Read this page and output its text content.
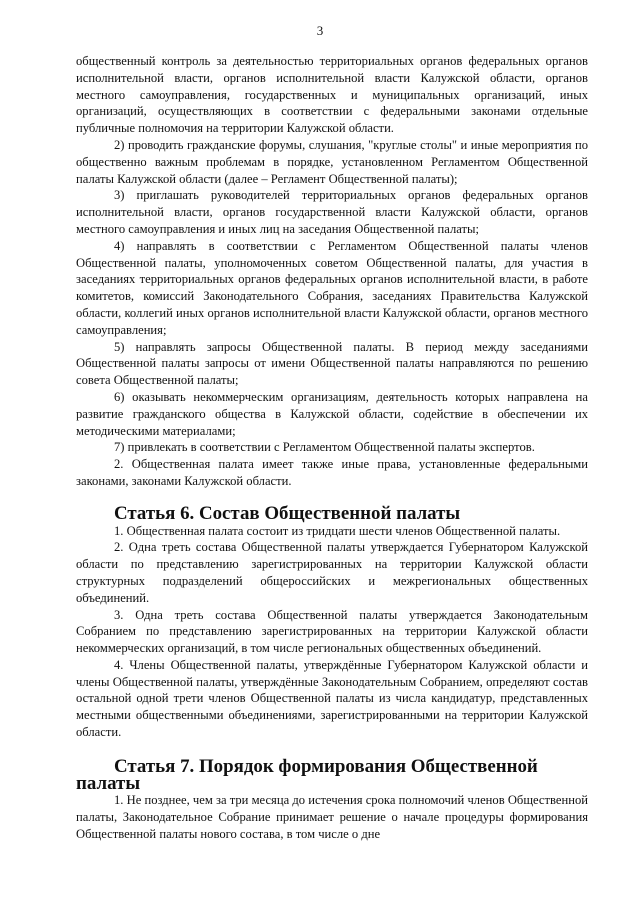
3

общественный контроль за деятельностью территориальных органов федеральных органов исполнительной власти, органов исполнительной власти Калужской области, органов местного самоуправления, государственных и муниципальных организаций, иных организаций, осуществляющих в соответствии с федеральными законами отдельные публичные полномочия на территории Калужской области.

2) проводить гражданские форумы, слушания, "круглые столы" и иные мероприятия по общественно важным проблемам в порядке, установленном Регламентом Общественной палаты Калужской области (далее – Регламент Общественной палаты);

3) приглашать руководителей территориальных органов федеральных органов исполнительной власти, органов государственной власти Калужской области, органов местного самоуправления и иных лиц на заседания Общественной палаты;

4) направлять в соответствии с Регламентом Общественной палаты членов Общественной палаты, уполномоченных советом Общественной палаты, для участия в заседаниях территориальных органов федеральных органов исполнительной власти, в работе комитетов, комиссий Законодательного Собрания, заседаниях Правительства Калужской области, коллегий иных органов исполнительной власти Калужской области, органов местного самоуправления;

5) направлять запросы Общественной палаты. В период между заседаниями Общественной палаты запросы от имени Общественной палаты направляются по решению совета Общественной палаты;

6) оказывать некоммерческим организациям, деятельность которых направлена на развитие гражданского общества в Калужской области, содействие в обеспечении их методическими материалами;

7) привлекать в соответствии с Регламентом Общественной палаты экспертов.

2. Общественная палата имеет также иные права, установленные федеральными законами, законами Калужской области.

Статья 6. Состав Общественной палаты

1. Общественная палата состоит из тридцати шести членов Общественной палаты.

2. Одна треть состава Общественной палаты утверждается Губернатором Калужской области по представлению зарегистрированных на территории Калужской области структурных подразделений общероссийских и межрегиональных общественных объединений.

3. Одна треть состава Общественной палаты утверждается Законодательным Собранием по представлению зарегистрированных на территории Калужской области некоммерческих организаций, в том числе региональных общественных объединений.

4. Члены Общественной палаты, утверждённые Губернатором Калужской области и члены Общественной палаты, утверждённые Законодательным Собранием, определяют состав остальной одной трети членов Общественной палаты из числа кандидатур, представленных местными общественными объединениями, зарегистрированными на территории Калужской области.

Статья 7. Порядок формирования Общественной палаты

1. Не позднее, чем за три месяца до истечения срока полномочий членов Общественной палаты, Законодательное Собрание принимает решение о начале процедуры формирования Общественной палаты нового состава, в том числе о дне
